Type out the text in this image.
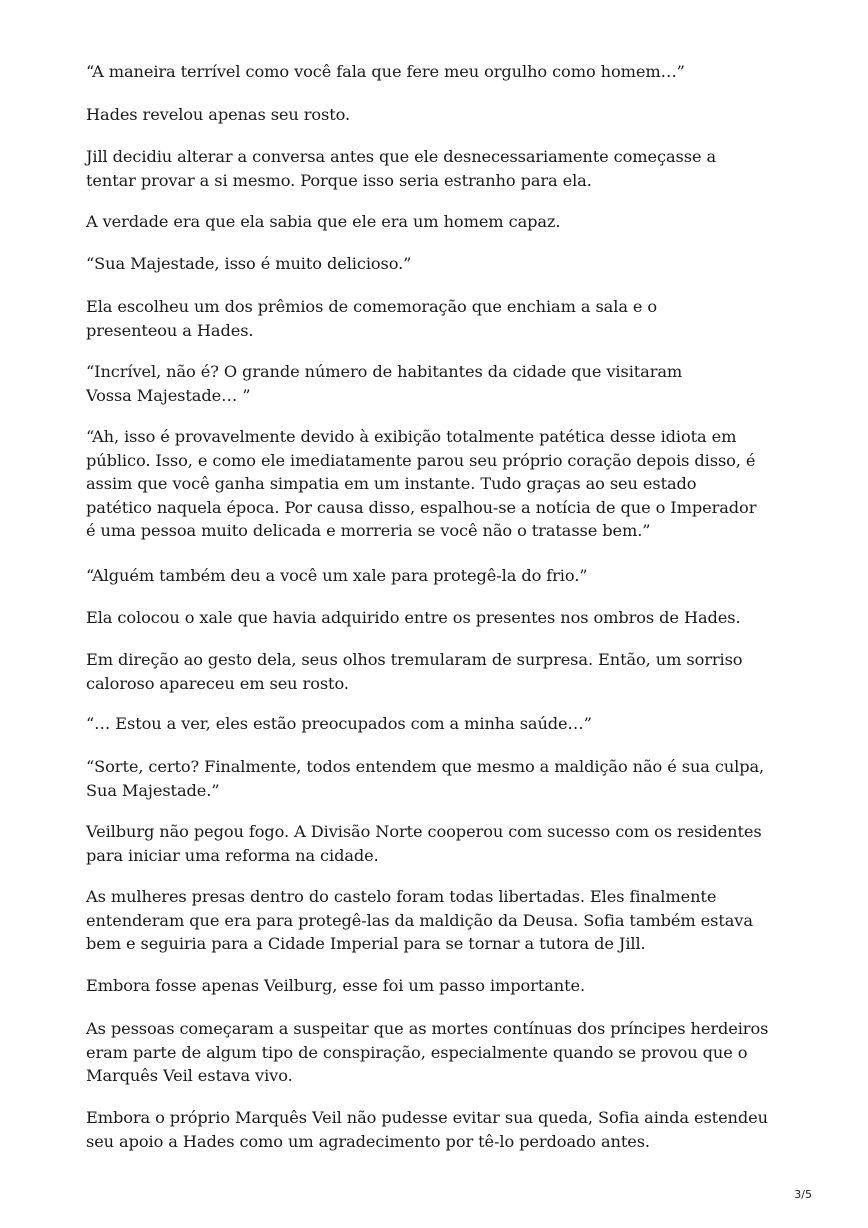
“A maneira terrível como você fala que fere meu orgulho como homem…”

Hades revelou apenas seu rosto.

Jill decidiu alterar a conversa antes que ele desnecessariamente começasse a tentar provar a si mesmo. Porque isso seria estranho para ela.

A verdade era que ela sabia que ele era um homem capaz.

“Sua Majestade, isso é muito delicioso.”

Ela escolheu um dos prêmios de comemoração que enchiam a sala e o presenteou a Hades.

“Incrível, não é? O grande número de habitantes da cidade que visitaram Vossa Majestade… ”

“Ah, isso é provavelmente devido à exibição totalmente patética desse idiota em público. Isso, e como ele imediatamente parou seu próprio coração depois disso, é assim que você ganha simpatia em um instante. Tudo graças ao seu estado patético naquela época. Por causa disso, espalhou-se a notícia de que o Imperador é uma pessoa muito delicada e morreria se você não o tratasse bem.”

“Alguém também deu a você um xale para protegê-la do frio.”

Ela colocou o xale que havia adquirido entre os presentes nos ombros de Hades.

Em direção ao gesto dela, seus olhos tremularam de surpresa. Então, um sorriso caloroso apareceu em seu rosto.

“… Estou a ver, eles estão preocupados com a minha saúde…”

“Sorte, certo? Finalmente, todos entendem que mesmo a maldição não é sua culpa, Sua Majestade.”

Veilburg não pegou fogo. A Divisão Norte cooperou com sucesso com os residentes para iniciar uma reforma na cidade.

As mulheres presas dentro do castelo foram todas libertadas. Eles finalmente entenderam que era para protegê-las da maldição da Deusa. Sofia também estava bem e seguiria para a Cidade Imperial para se tornar a tutora de Jill.

Embora fosse apenas Veilburg, esse foi um passo importante.

As pessoas começaram a suspeitar que as mortes contínuas dos príncipes herdeiros eram parte de algum tipo de conspiração, especialmente quando se provou que o Marquês Veil estava vivo.

Embora o próprio Marquês Veil não pudesse evitar sua queda, Sofia ainda estendeu seu apoio a Hades como um agradecimento por tê-lo perdoado antes.

3/5
